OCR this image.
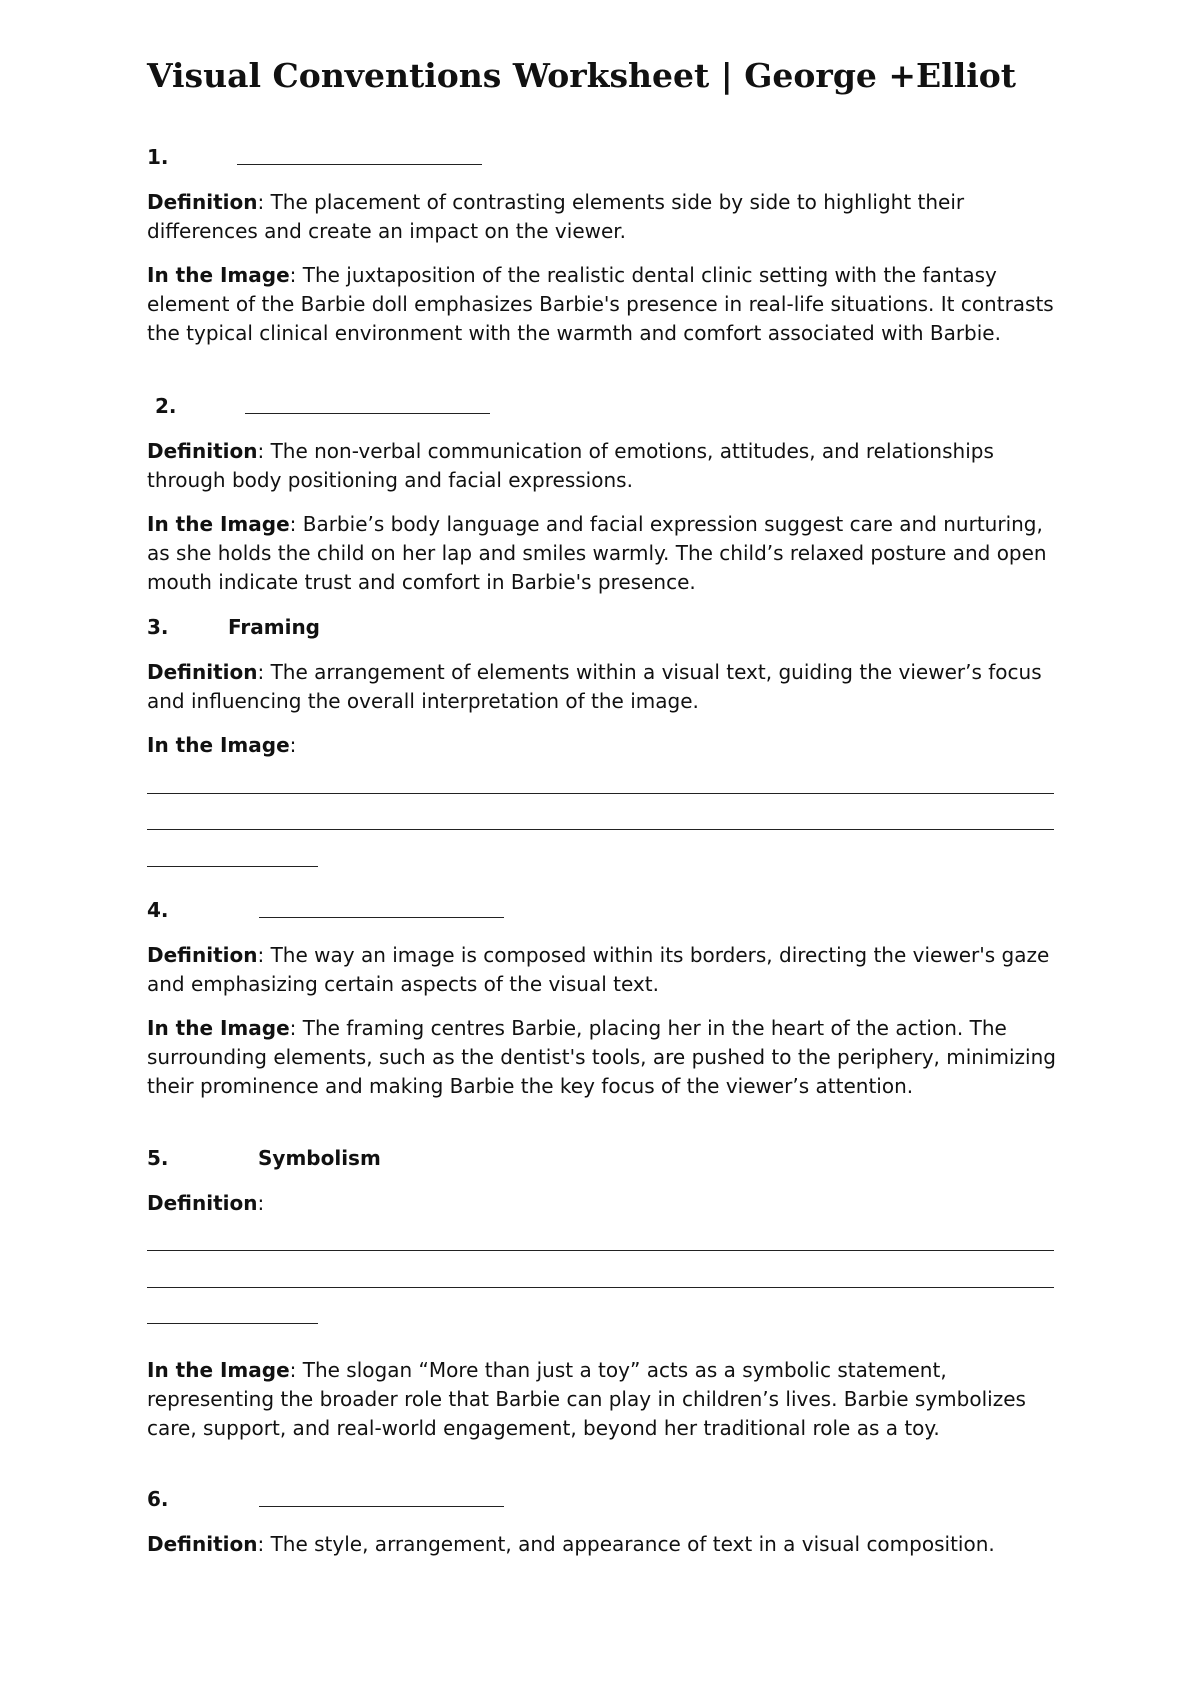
Visual Conventions Worksheet | George +Elliot
1.

Definition: The placement of contrasting elements side by side to highlight their differences and create an impact on the viewer.

In the Image: The juxtaposition of the realistic dental clinic setting with the fantasy element of the Barbie doll emphasizes Barbie's presence in real-life situations. It contrasts the typical clinical environment with the warmth and comfort associated with Barbie.

2.

Definition: The non-verbal communication of emotions, attitudes, and relationships through body positioning and facial expressions.

In the Image: Barbie’s body language and facial expression suggest care and nurturing, as she holds the child on her lap and smiles warmly. The child’s relaxed posture and open mouth indicate trust and comfort in Barbie's presence.

3.	Framing

Definition: The arrangement of elements within a visual text, guiding the viewer’s focus and influencing the overall interpretation of the image.

In the Image:

4.

Definition: The way an image is composed within its borders, directing the viewer's gaze and emphasizing certain aspects of the visual text.

In the Image: The framing centres Barbie, placing her in the heart of the action. The surrounding elements, such as the dentist's tools, are pushed to the periphery, minimizing their prominence and making Barbie the key focus of the viewer’s attention.

5.	Symbolism

Definition:

In the Image: The slogan “More than just a toy” acts as a symbolic statement, representing the broader role that Barbie can play in children’s lives. Barbie symbolizes care, support, and real-world engagement, beyond her traditional role as a toy.

6.

Definition: The style, arrangement, and appearance of text in a visual composition.
